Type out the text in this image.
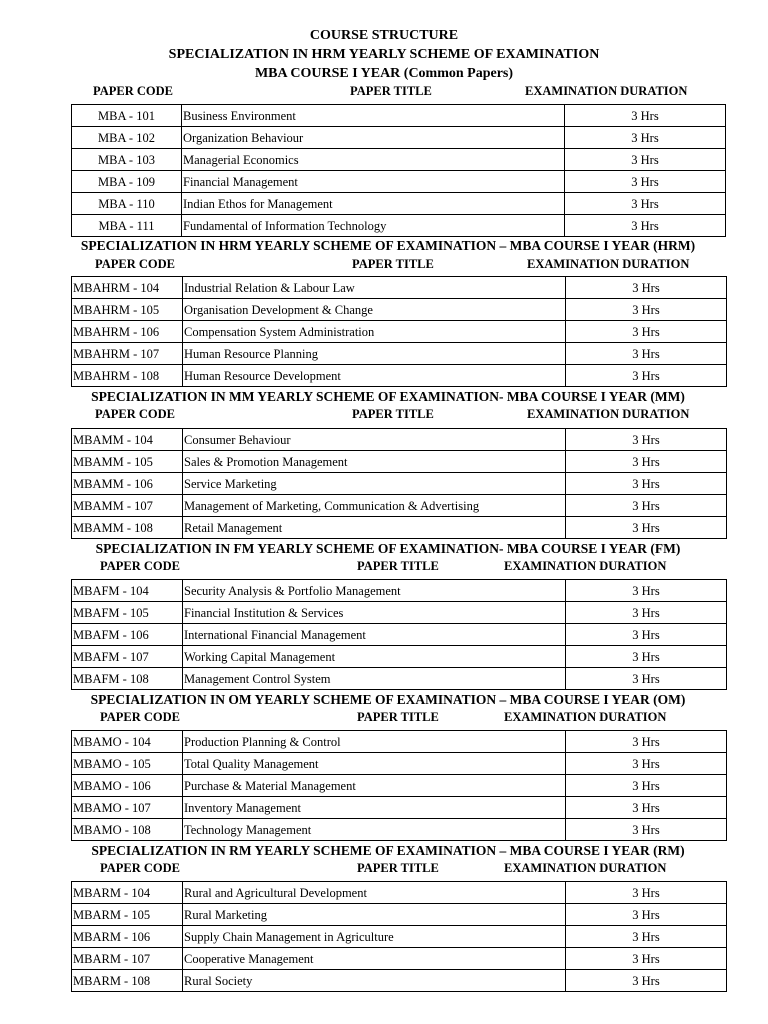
COURSE STRUCTURE
SPECIALIZATION IN HRM YEARLY SCHEME OF EXAMINATION
MBA COURSE I YEAR (Common Papers)
PAPER CODE	PAPER TITLE	EXAMINATION DURATION
MBA - 101	Business Environment	3 Hrs
MBA - 102	Organization Behaviour	3 Hrs
MBA - 103	Managerial Economics	3 Hrs
MBA - 109	Financial Management	3 Hrs
MBA - 110	Indian Ethos for Management	3 Hrs
MBA - 111	Fundamental of Information Technology	3 Hrs
SPECIALIZATION IN HRM YEARLY SCHEME OF EXAMINATION – MBA COURSE I YEAR (HRM)
PAPER CODE	PAPER TITLE	EXAMINATION DURATION
MBAHRM - 104	Industrial Relation & Labour Law	3 Hrs
MBAHRM - 105	Organisation Development & Change	3 Hrs
MBAHRM - 106	Compensation System Administration	3 Hrs
MBAHRM - 107	Human Resource Planning	3 Hrs
MBAHRM - 108	Human Resource Development	3 Hrs
SPECIALIZATION IN MM YEARLY SCHEME OF EXAMINATION- MBA COURSE I YEAR (MM)
PAPER CODE	PAPER TITLE	EXAMINATION DURATION
MBAMM - 104	Consumer Behaviour	3 Hrs
MBAMM - 105	Sales & Promotion Management	3 Hrs
MBAMM - 106	Service Marketing	3 Hrs
MBAMM - 107	Management of Marketing, Communication & Advertising	3 Hrs
MBAMM - 108	Retail Management	3 Hrs
SPECIALIZATION IN FM YEARLY SCHEME OF EXAMINATION- MBA COURSE I YEAR (FM)
PAPER CODE	PAPER TITLE	EXAMINATION DURATION
MBAFM - 104	Security Analysis & Portfolio Management	3 Hrs
MBAFM - 105	Financial Institution & Services	3 Hrs
MBAFM - 106	International Financial Management	3 Hrs
MBAFM - 107	Working Capital Management	3 Hrs
MBAFM - 108	Management Control System	3 Hrs
SPECIALIZATION IN OM YEARLY SCHEME OF EXAMINATION – MBA COURSE I YEAR (OM)
PAPER CODE	PAPER TITLE	EXAMINATION DURATION
MBAMO - 104	Production Planning & Control	3 Hrs
MBAMO - 105	Total Quality Management	3 Hrs
MBAMO - 106	Purchase & Material Management	3 Hrs
MBAMO - 107	Inventory Management	3 Hrs
MBAMO - 108	Technology Management	3 Hrs
SPECIALIZATION IN RM YEARLY SCHEME OF EXAMINATION – MBA COURSE I YEAR (RM)
PAPER CODE	PAPER TITLE	EXAMINATION DURATION
MBARM - 104	Rural and Agricultural Development	3 Hrs
MBARM - 105	Rural Marketing	3 Hrs
MBARM - 106	Supply Chain Management in Agriculture	3 Hrs
MBARM - 107	Cooperative Management	3 Hrs
MBARM - 108	Rural Society	3 Hrs
